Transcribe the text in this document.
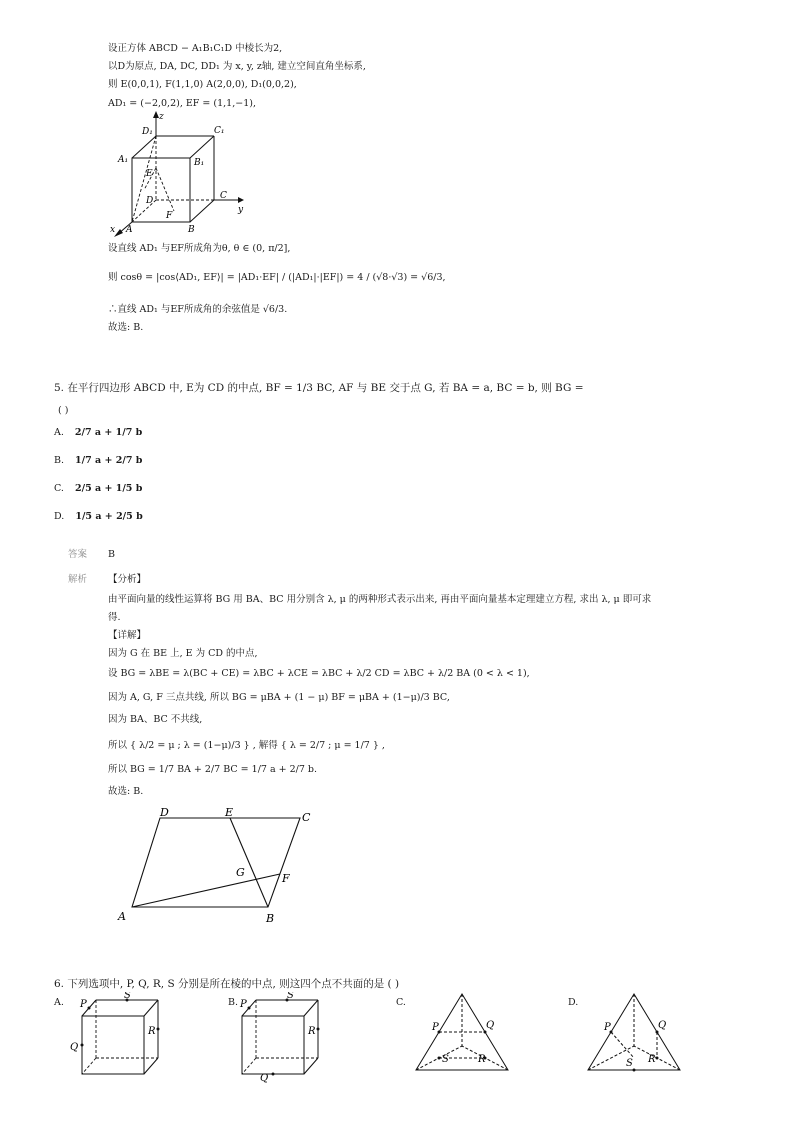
设正方体 ABCD − A₁B₁C₁D 中棱长为2,
以D为原点, DA, DC, DD₁ 为 x, y, z轴, 建立空间直角坐标系,
则 E(0,0,1), F(1,1,0) A(2,0,0), D₁(0,0,2),
AD₁ = (−2,0,2), EF = (1,1,−1),
z
D₁	C₁
A₁	B₁
E
D	C
y
F
x A	B
设直线 AD₁ 与EF所成角为θ, θ ∈ (0, π/2],
则 cosθ = |cos⟨AD₁, EF⟩| = |AD₁·EF| / (|AD₁|·|EF|) = 4 / (√8·√3) = √6/3,
∴直线 AD₁ 与EF所成角的余弦值是 √6/3.
故选: B.
5. 在平行四边形 ABCD 中, E为 CD 的中点, BF = 1/3 BC, AF 与 BE 交于点 G, 若 BA = a, BC = b, 则 BG =
( )
A. 2/7 a + 1/7 b
B. 1/7 a + 2/7 b
C. 2/5 a + 1/5 b
D. 1/5 a + 2/5 b
答案 B
解析 【分析】
由平面向量的线性运算将 BG 用 BA、BC 用分别含 λ, μ 的两种形式表示出来, 再由平面向量基本定理建立方程, 求出 λ, μ 即可求
得.
【详解】
因为 G 在 BE 上, E 为 CD 的中点,
设 BG = λBE = λ(BC + CE) = λBC + λCE = λBC + λ/2 CD = λBC + λ/2 BA (0 < λ < 1),
因为 A, G, F 三点共线, 所以 BG = μBA + (1 − μ) BF = μBA + (1−μ)/3 BC,
因为 BA、BC 不共线,
所以 { λ/2 = μ ; λ = (1−μ)/3 } , 解得 { λ = 2/7 ; μ = 1/7 } ,
所以 BG = 1/7 BA + 2/7 BC = 1/7 a + 2/7 b.
故选: B.
D	E	C
G	F
A	B
6. 下列选项中, P, Q, R, S 分别是所在棱的中点, 则这四个点不共面的是 ( )
A.	B.	C.	D.
P
S
R
Q
P
S
R
Q
P	Q
S	R
P	Q
S R
